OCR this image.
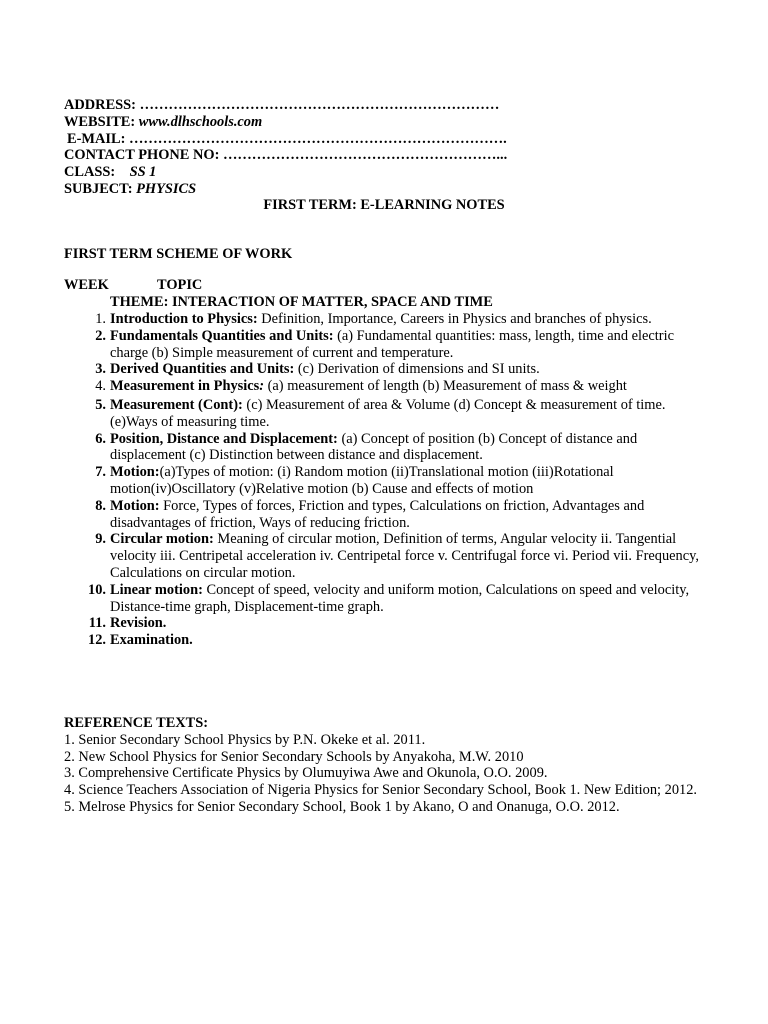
ADDRESS: …………………………………………………………………
WEBSITE: www.dlhschools.com
E-MAIL: …………………………………………………………………….
CONTACT PHONE NO: …………………………………………………...
CLASS:    SS 1
SUBJECT: PHYSICS
FIRST TERM: E-LEARNING NOTES
FIRST TERM SCHEME OF WORK
WEEK	TOPIC
THEME: INTERACTION OF MATTER, SPACE AND TIME
1. Introduction to Physics: Definition, Importance, Careers in Physics and branches of physics.
2. Fundamentals Quantities and Units: (a) Fundamental quantities: mass, length, time and electric charge (b) Simple measurement of current and temperature.
3. Derived Quantities and Units: (c) Derivation of dimensions and SI units.
4. Measurement in Physics: (a) measurement of length (b) Measurement of mass & weight
5. Measurement (Cont): (c) Measurement of area & Volume (d) Concept & measurement of time. (e)Ways of measuring time.
6. Position, Distance and Displacement: (a) Concept of position (b) Concept of distance and displacement (c) Distinction between distance and displacement.
7. Motion:(a)Types of motion: (i) Random motion (ii)Translational motion (iii)Rotational motion(iv)Oscillatory (v)Relative motion (b) Cause and effects of motion
8. Motion: Force, Types of forces, Friction and types, Calculations on friction, Advantages and disadvantages of friction, Ways of reducing friction.
9. Circular motion: Meaning of circular motion, Definition of terms, Angular velocity ii. Tangential velocity iii. Centripetal acceleration iv. Centripetal force v. Centrifugal force vi. Period vii. Frequency, Calculations on circular motion.
10. Linear motion: Concept of speed, velocity and uniform motion, Calculations on speed and velocity, Distance-time graph, Displacement-time graph.
11. Revision.
12. Examination.
REFERENCE TEXTS:
1. Senior Secondary School Physics by P.N. Okeke et al. 2011.
2. New School Physics for Senior Secondary Schools by Anyakoha, M.W. 2010
3. Comprehensive Certificate Physics by Olumuyiwa Awe and Okunola, O.O. 2009.
4. Science Teachers Association of Nigeria Physics for Senior Secondary School, Book 1. New Edition; 2012.
5. Melrose Physics for Senior Secondary School, Book 1 by Akano, O and Onanuga, O.O. 2012.
